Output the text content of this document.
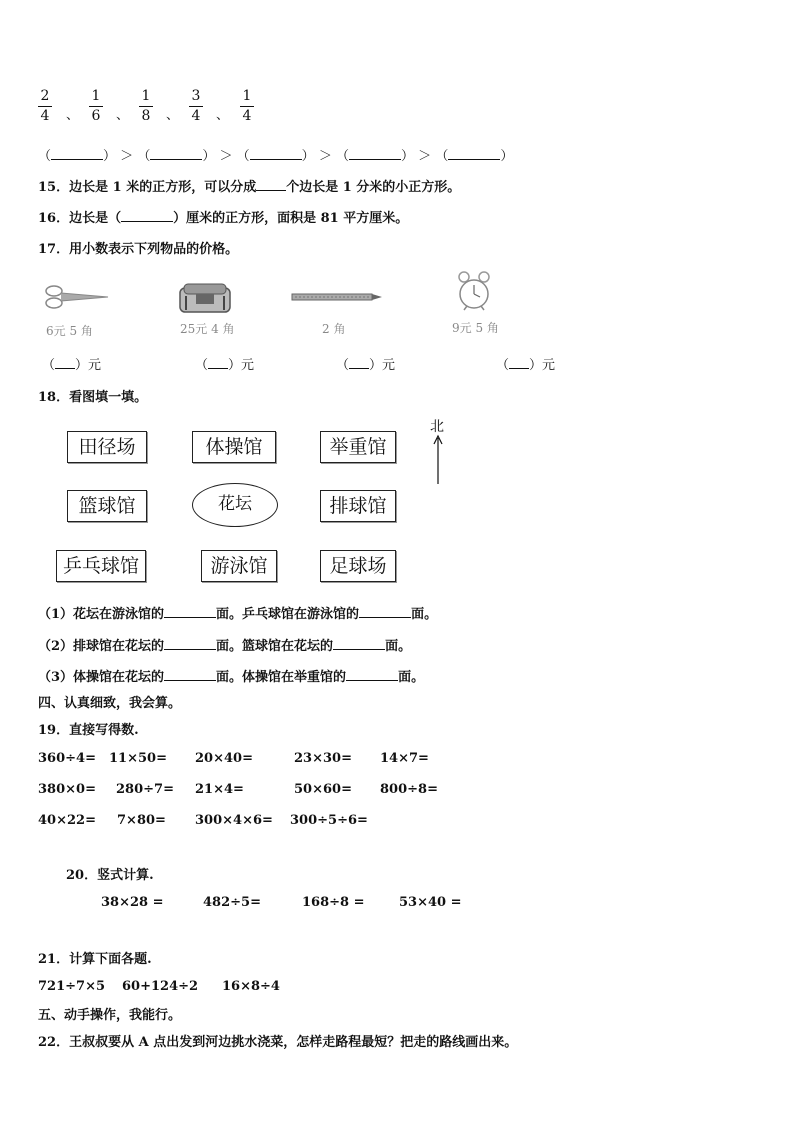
2
4 、
1
6 、
1
8 、
3
4 、
1
4
（	） ＞ （	） ＞ （	） ＞ （	） ＞ （	）
15．边长是 1 米的正方形，可以分成 个边长是 1 分米的小正方形。
16．边长是（	）厘米的正方形，面积是 81 平方厘米。
17．用小数表示下列物品的价格。
6元 5 角	25元 4 角	2 角	9元 5 角
（ ）元	（ ）元	（ ）元	（ ）元
18．看图填一填。
田径场	体操馆	举重馆
北
篮球馆	花坛	排球馆
乒乓球馆	游泳馆	足球场
（1）花坛在游泳馆的	面。乒乓球馆在游泳馆的	面。
（2）排球馆在花坛的	面。篮球馆在花坛的	面。
（3）体操馆在花坛的	面。体操馆在举重馆的	面。
四、认真细致，我会算。
19．直接写得数.
360÷4= 11×50= 20×40=	23×30= 14×7=
380×0= 280÷7= 21×4=	50×60= 800÷8=
40×22= 7×80= 300×4×6= 300÷5÷6=
20．竖式计算.
38×28 =	482÷5=	168÷8 =	53×40 =
21．计算下面各题.
721÷7×5 60+124÷2 16×8÷4
五、动手操作，我能行。
22．王叔叔要从 A 点出发到河边挑水浇菜，怎样走路程最短？把走的路线画出来。
